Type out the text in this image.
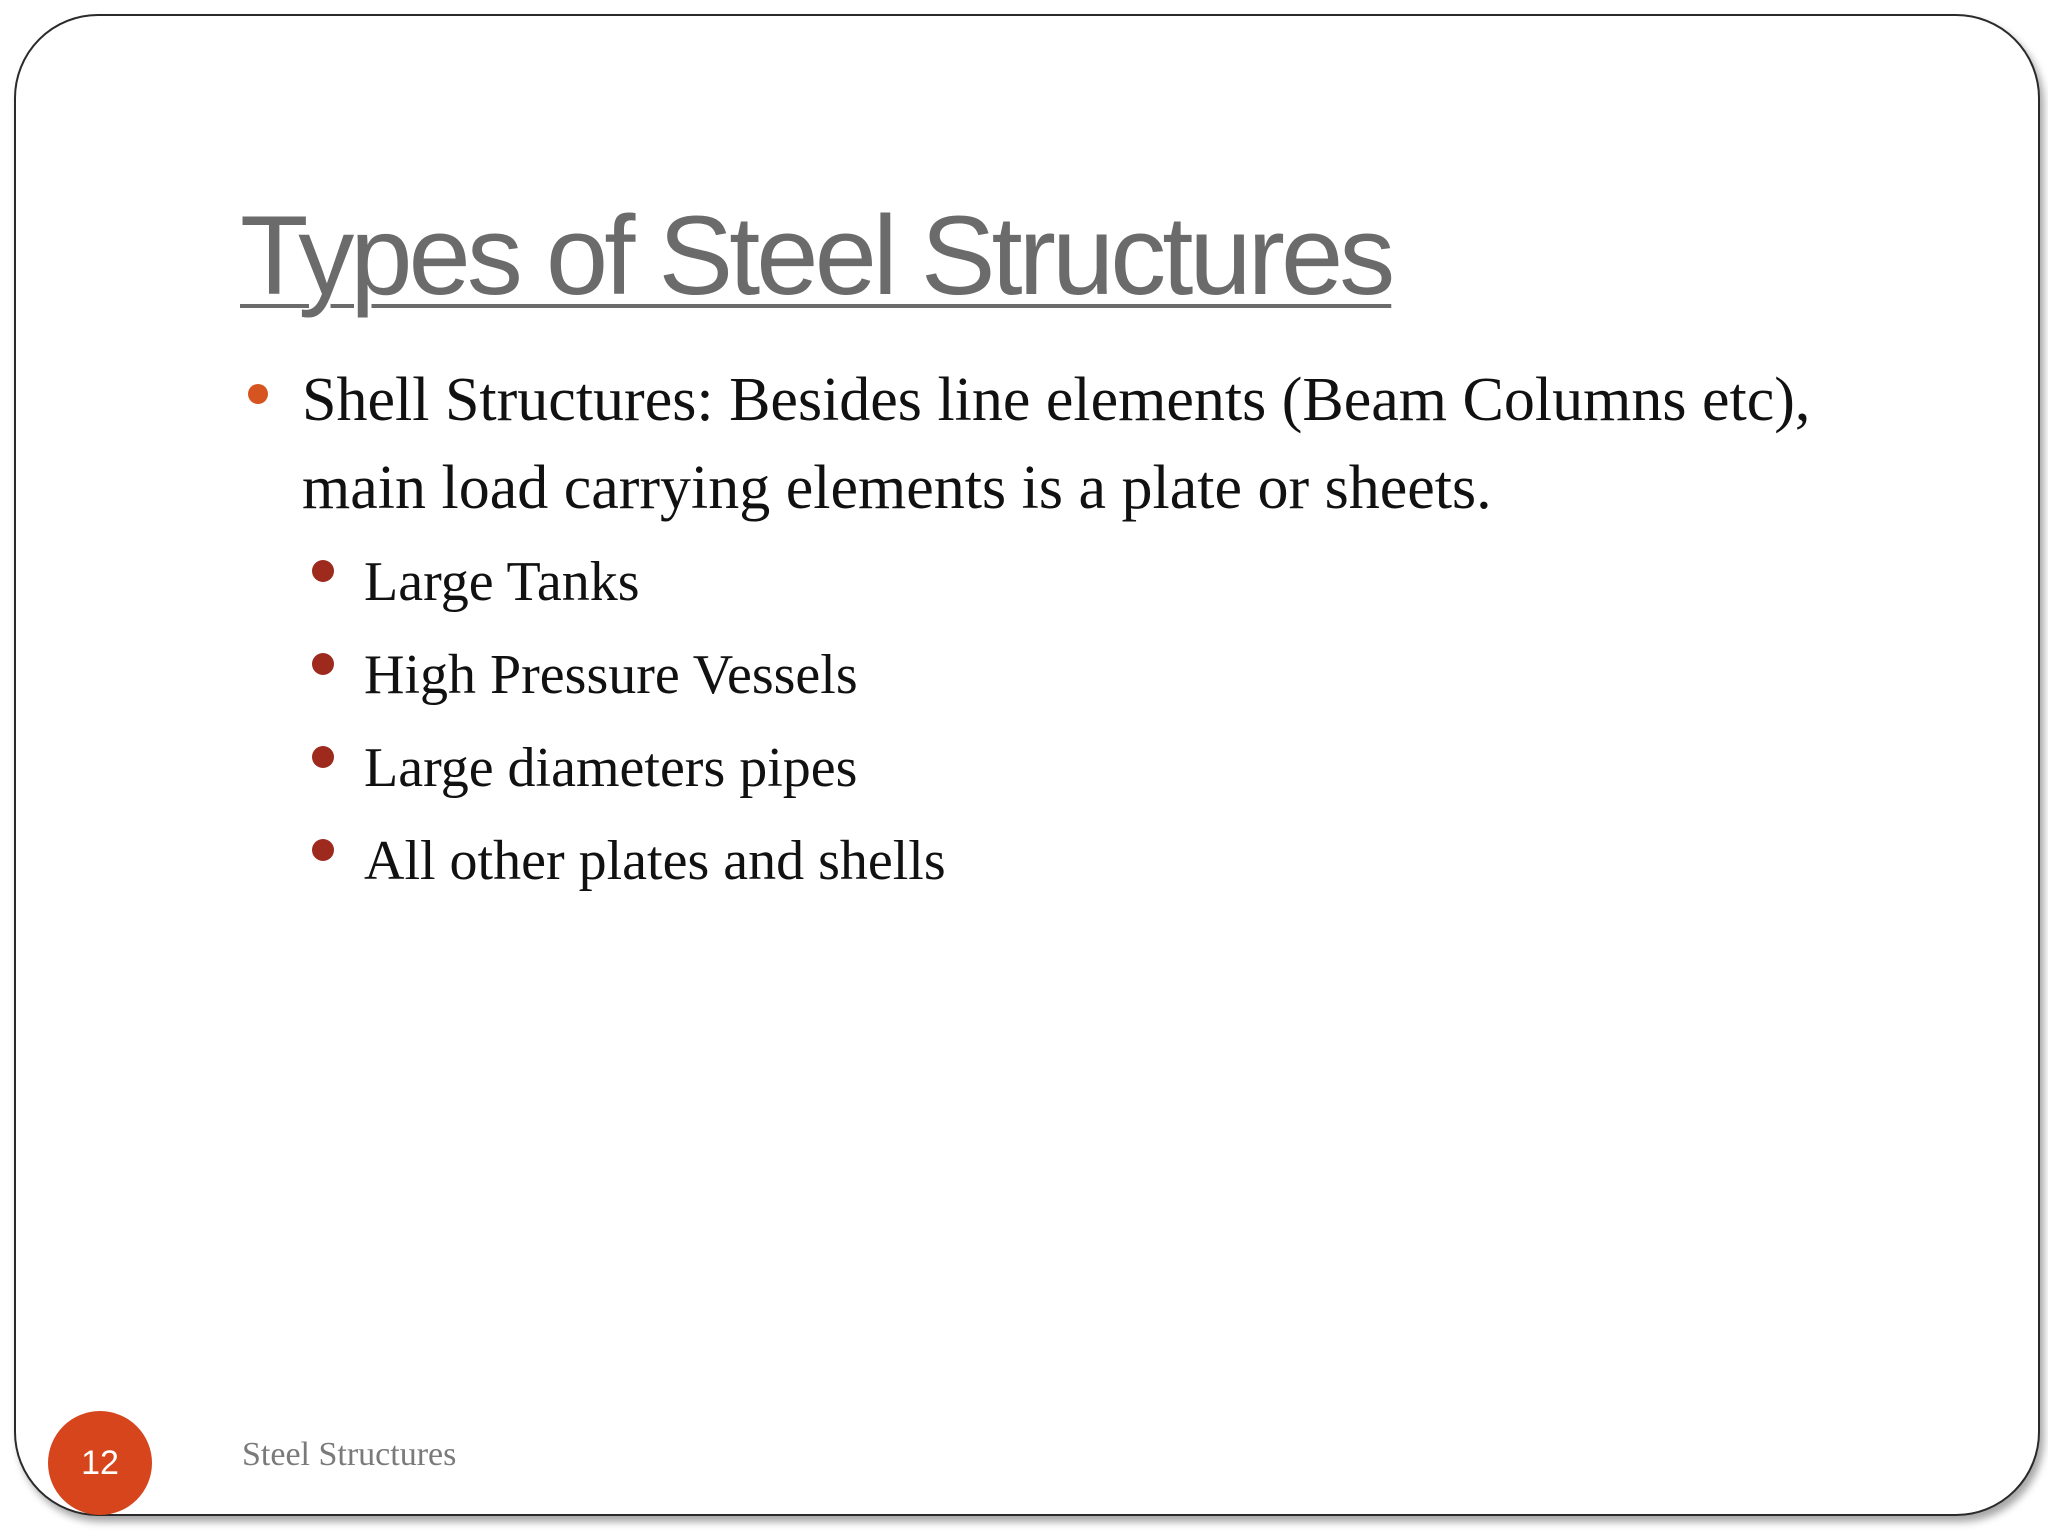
Types of Steel Structures
Shell Structures: Besides line elements (Beam Columns etc), main load carrying elements is a plate or sheets.
Large Tanks
High Pressure Vessels
Large diameters pipes
All other plates and shells
12	Steel Structures
